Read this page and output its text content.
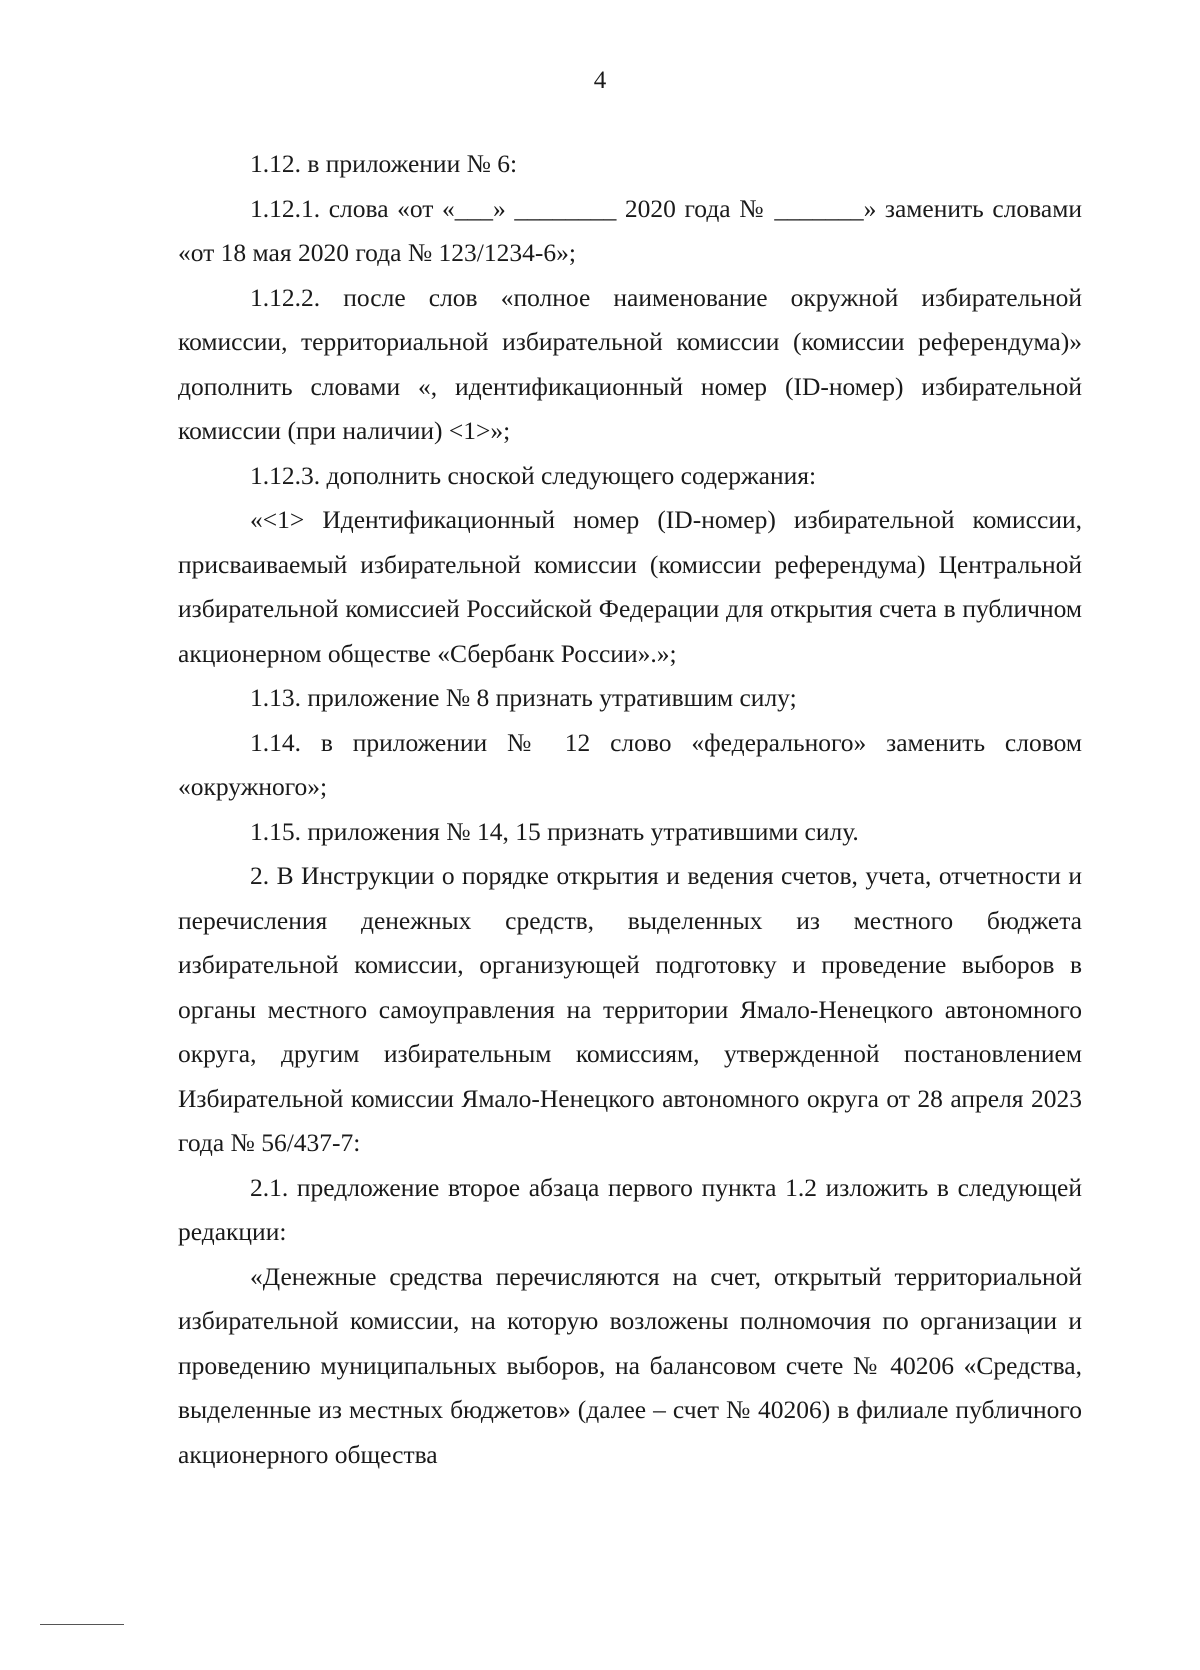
4

1.12. в приложении № 6:

1.12.1. слова «от «___» ________ 2020 года № _______» заменить словами «от 18 мая 2020 года № 123/1234-6»;

1.12.2. после слов «полное наименование окружной избирательной комиссии, территориальной избирательной комиссии (комиссии референдума)» дополнить словами «, идентификационный номер (ID-номер) избирательной комиссии (при наличии) <1>»;

1.12.3. дополнить сноской следующего содержания:

«<1> Идентификационный номер (ID-номер) избирательной комиссии, присваиваемый избирательной комиссии (комиссии референдума) Центральной избирательной комиссией Российской Федерации для открытия счета в публичном акционерном обществе «Сбербанк России».»;

1.13. приложение № 8 признать утратившим силу;

1.14. в приложении № 12 слово «федерального» заменить словом «окружного»;

1.15. приложения № 14, 15 признать утратившими силу.

2. В Инструкции о порядке открытия и ведения счетов, учета, отчетности и перечисления денежных средств, выделенных из местного бюджета избирательной комиссии, организующей подготовку и проведение выборов в органы местного самоуправления на территории Ямало-Ненецкого автономного округа, другим избирательным комиссиям, утвержденной постановлением Избирательной комиссии Ямало-Ненецкого автономного округа от 28 апреля 2023 года № 56/437-7:

2.1. предложение второе абзаца первого пункта 1.2 изложить в следующей редакции:

«Денежные средства перечисляются на счет, открытый территориальной избирательной комиссии, на которую возложены полномочия по организации и проведению муниципальных выборов, на балансовом счете № 40206 «Средства, выделенные из местных бюджетов» (далее – счет № 40206) в филиале публичного акционерного общества
